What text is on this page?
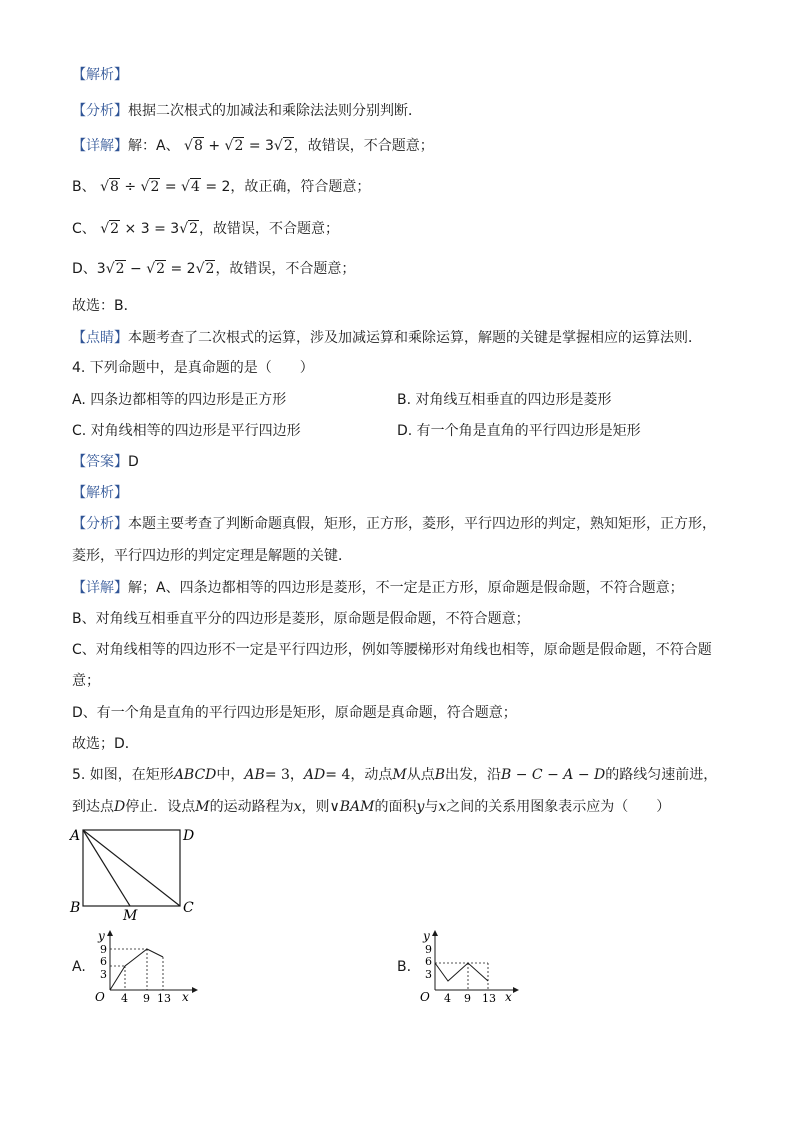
【解析】
【分析】根据二次根式的加减法和乘除法法则分别判断．
【详解】解：A、 √8 + √2 = 3√2，故错误，不合题意；
B、 √8 ÷ √2 = √4 = 2，故正确，符合题意；
C、 √2 × 3 = 3√2，故错误，不合题意；
D、3√2 − √2 = 2√2，故错误，不合题意；
故选：B．
【点睛】本题考查了二次根式的运算，涉及加减运算和乘除运算，解题的关键是掌握相应的运算法则．
4. 下列命题中，是真命题的是（　　）
A. 四条边都相等的四边形是正方形	B. 对角线互相垂直的四边形是菱形
C. 对角线相等的四边形是平行四边形	D. 有一个角是直角的平行四边形是矩形
【答案】D
【解析】
【分析】本题主要考查了判断命题真假，矩形，正方形，菱形，平行四边形的判定，熟知矩形，正方形，
菱形，平行四边形的判定定理是解题的关键．
【详解】解；A、四条边都相等的四边形是菱形，不一定是正方形，原命题是假命题，不符合题意；
B、对角线互相垂直平分的四边形是菱形，原命题是假命题，不符合题意；
C、对角线相等的四边形不一定是平行四边形，例如等腰梯形对角线也相等，原命题是假命题，不符合题
意；
D、有一个角是直角的平行四边形是矩形，原命题是真命题，符合题意；
故选；D．
5. 如图，在矩形ABCD中，AB= 3，AD= 4，动点M从点B出发，沿B − C − A − D的路线匀速前进，
到达点D停止．设点M的运动路程为x，则∨BAM的面积y与x之间的关系用图象表示应为（　　）
A	D
B	C
M
A.
y
9
6
3
O 4 9 13 x
B.
y
9
6
3
O 4 9 13 x
